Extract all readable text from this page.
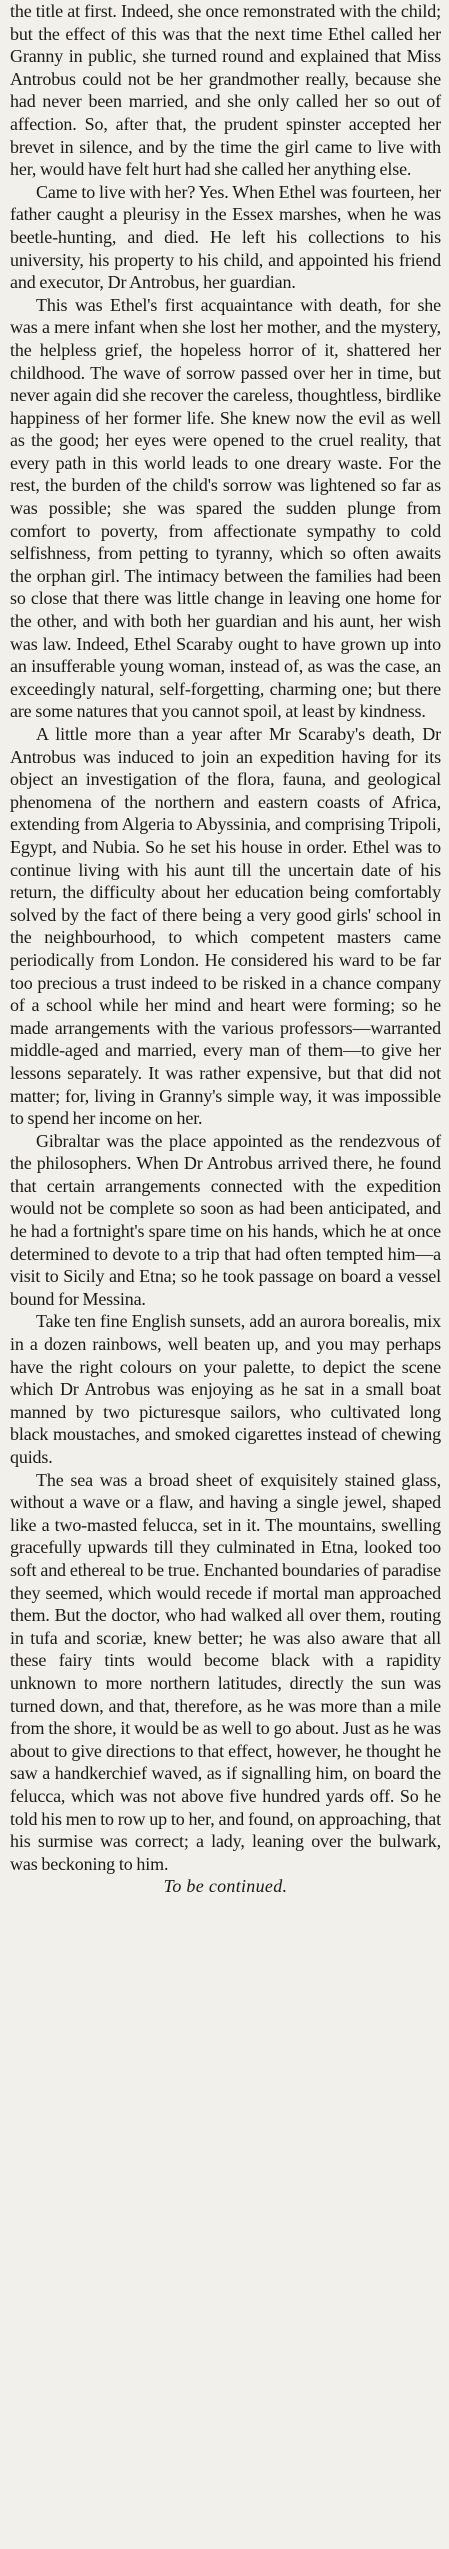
the title at first. Indeed, she once remonstrated with the child; but the effect of this was that the next time Ethel called her Granny in public, she turned round and explained that Miss Antrobus could not be her grandmother really, because she had never been married, and she only called her so out of affection. So, after that, the prudent spinster accepted her brevet in silence, and by the time the girl came to live with her, would have felt hurt had she called her anything else.

Came to live with her? Yes. When Ethel was fourteen, her father caught a pleurisy in the Essex marshes, when he was beetle-hunting, and died. He left his collections to his university, his property to his child, and appointed his friend and executor, Dr Antrobus, her guardian.

This was Ethel's first acquaintance with death, for she was a mere infant when she lost her mother, and the mystery, the helpless grief, the hopeless horror of it, shattered her childhood. The wave of sorrow passed over her in time, but never again did she recover the careless, thoughtless, birdlike happiness of her former life. She knew now the evil as well as the good; her eyes were opened to the cruel reality, that every path in this world leads to one dreary waste. For the rest, the burden of the child's sorrow was lightened so far as was possible; she was spared the sudden plunge from comfort to poverty, from affectionate sympathy to cold selfishness, from petting to tyranny, which so often awaits the orphan girl. The intimacy between the families had been so close that there was little change in leaving one home for the other, and with both her guardian and his aunt, her wish was law. Indeed, Ethel Scaraby ought to have grown up into an insufferable young woman, instead of, as was the case, an exceedingly natural, self-forgetting, charming one; but there are some natures that you cannot spoil, at least by kindness.

A little more than a year after Mr Scaraby's death, Dr Antrobus was induced to join an expedition having for its object an investigation of the flora, fauna, and geological phenomena of the northern and eastern coasts of Africa, extending from Algeria to Abyssinia, and comprising Tripoli, Egypt, and Nubia. So he set his house in order. Ethel was to continue living with his aunt till the uncertain date of his return, the difficulty about her education being comfortably solved by the fact of there being a very good girls' school in the neighbourhood, to which competent masters came periodically from London. He considered his ward to be far too precious a trust indeed to be risked in a chance company of a school while her mind and heart were forming; so he made arrangements with the various professors—warranted middle-aged and married, every man of them—to give her lessons separately. It was rather expensive, but that did not matter; for, living in Granny's simple way, it was impossible to spend her income on her.

Gibraltar was the place appointed as the rendezvous of the philosophers. When Dr Antrobus arrived there, he found that certain arrangements connected with the expedition would not be complete so soon as had been anticipated, and he had a fortnight's spare time on his hands, which he at once determined to devote to a trip that had often tempted him—a visit to Sicily and Etna; so he took passage on board a vessel bound for Messina.

Take ten fine English sunsets, add an aurora borealis, mix in a dozen rainbows, well beaten up, and you may perhaps have the right colours on your palette, to depict the scene which Dr Antrobus was enjoying as he sat in a small boat manned by two picturesque sailors, who cultivated long black moustaches, and smoked cigarettes instead of chewing quids.

The sea was a broad sheet of exquisitely stained glass, without a wave or a flaw, and having a single jewel, shaped like a two-masted felucca, set in it. The mountains, swelling gracefully upwards till they culminated in Etna, looked too soft and ethereal to be true. Enchanted boundaries of paradise they seemed, which would recede if mortal man approached them. But the doctor, who had walked all over them, routing in tufa and scoriæ, knew better; he was also aware that all these fairy tints would become black with a rapidity unknown to more northern latitudes, directly the sun was turned down, and that, therefore, as he was more than a mile from the shore, it would be as well to go about. Just as he was about to give directions to that effect, however, he thought he saw a handkerchief waved, as if signalling him, on board the felucca, which was not above five hundred yards off. So he told his men to row up to her, and found, on approaching, that his surmise was correct; a lady, leaning over the bulwark, was beckoning to him.

To be continued.
